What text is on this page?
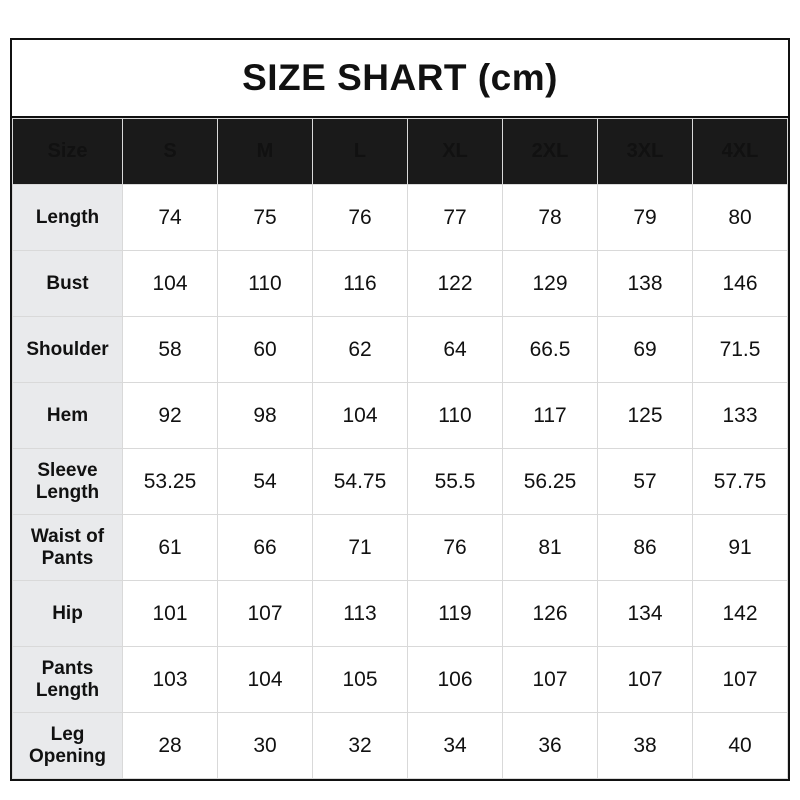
SIZE SHART (cm)
Size	S	M	L	XL	2XL	3XL	4XL
Length	74	75	76	77	78	79	80
Bust	104	110	116	122	129	138	146
Shoulder	58	60	62	64	66.5	69	71.5
Hem	92	98	104	110	117	125	133

Sleeve
Length	53.25	54	54.75	55.5	56.25	57	57.75

Waist of
Pants	61	66	71	76	81	86	91
Hip	101	107	113	119	126	134	142

Pants
Length	103	104	105	106	107	107	107

Leg
Opening	28	30	32	34	36	38	40
